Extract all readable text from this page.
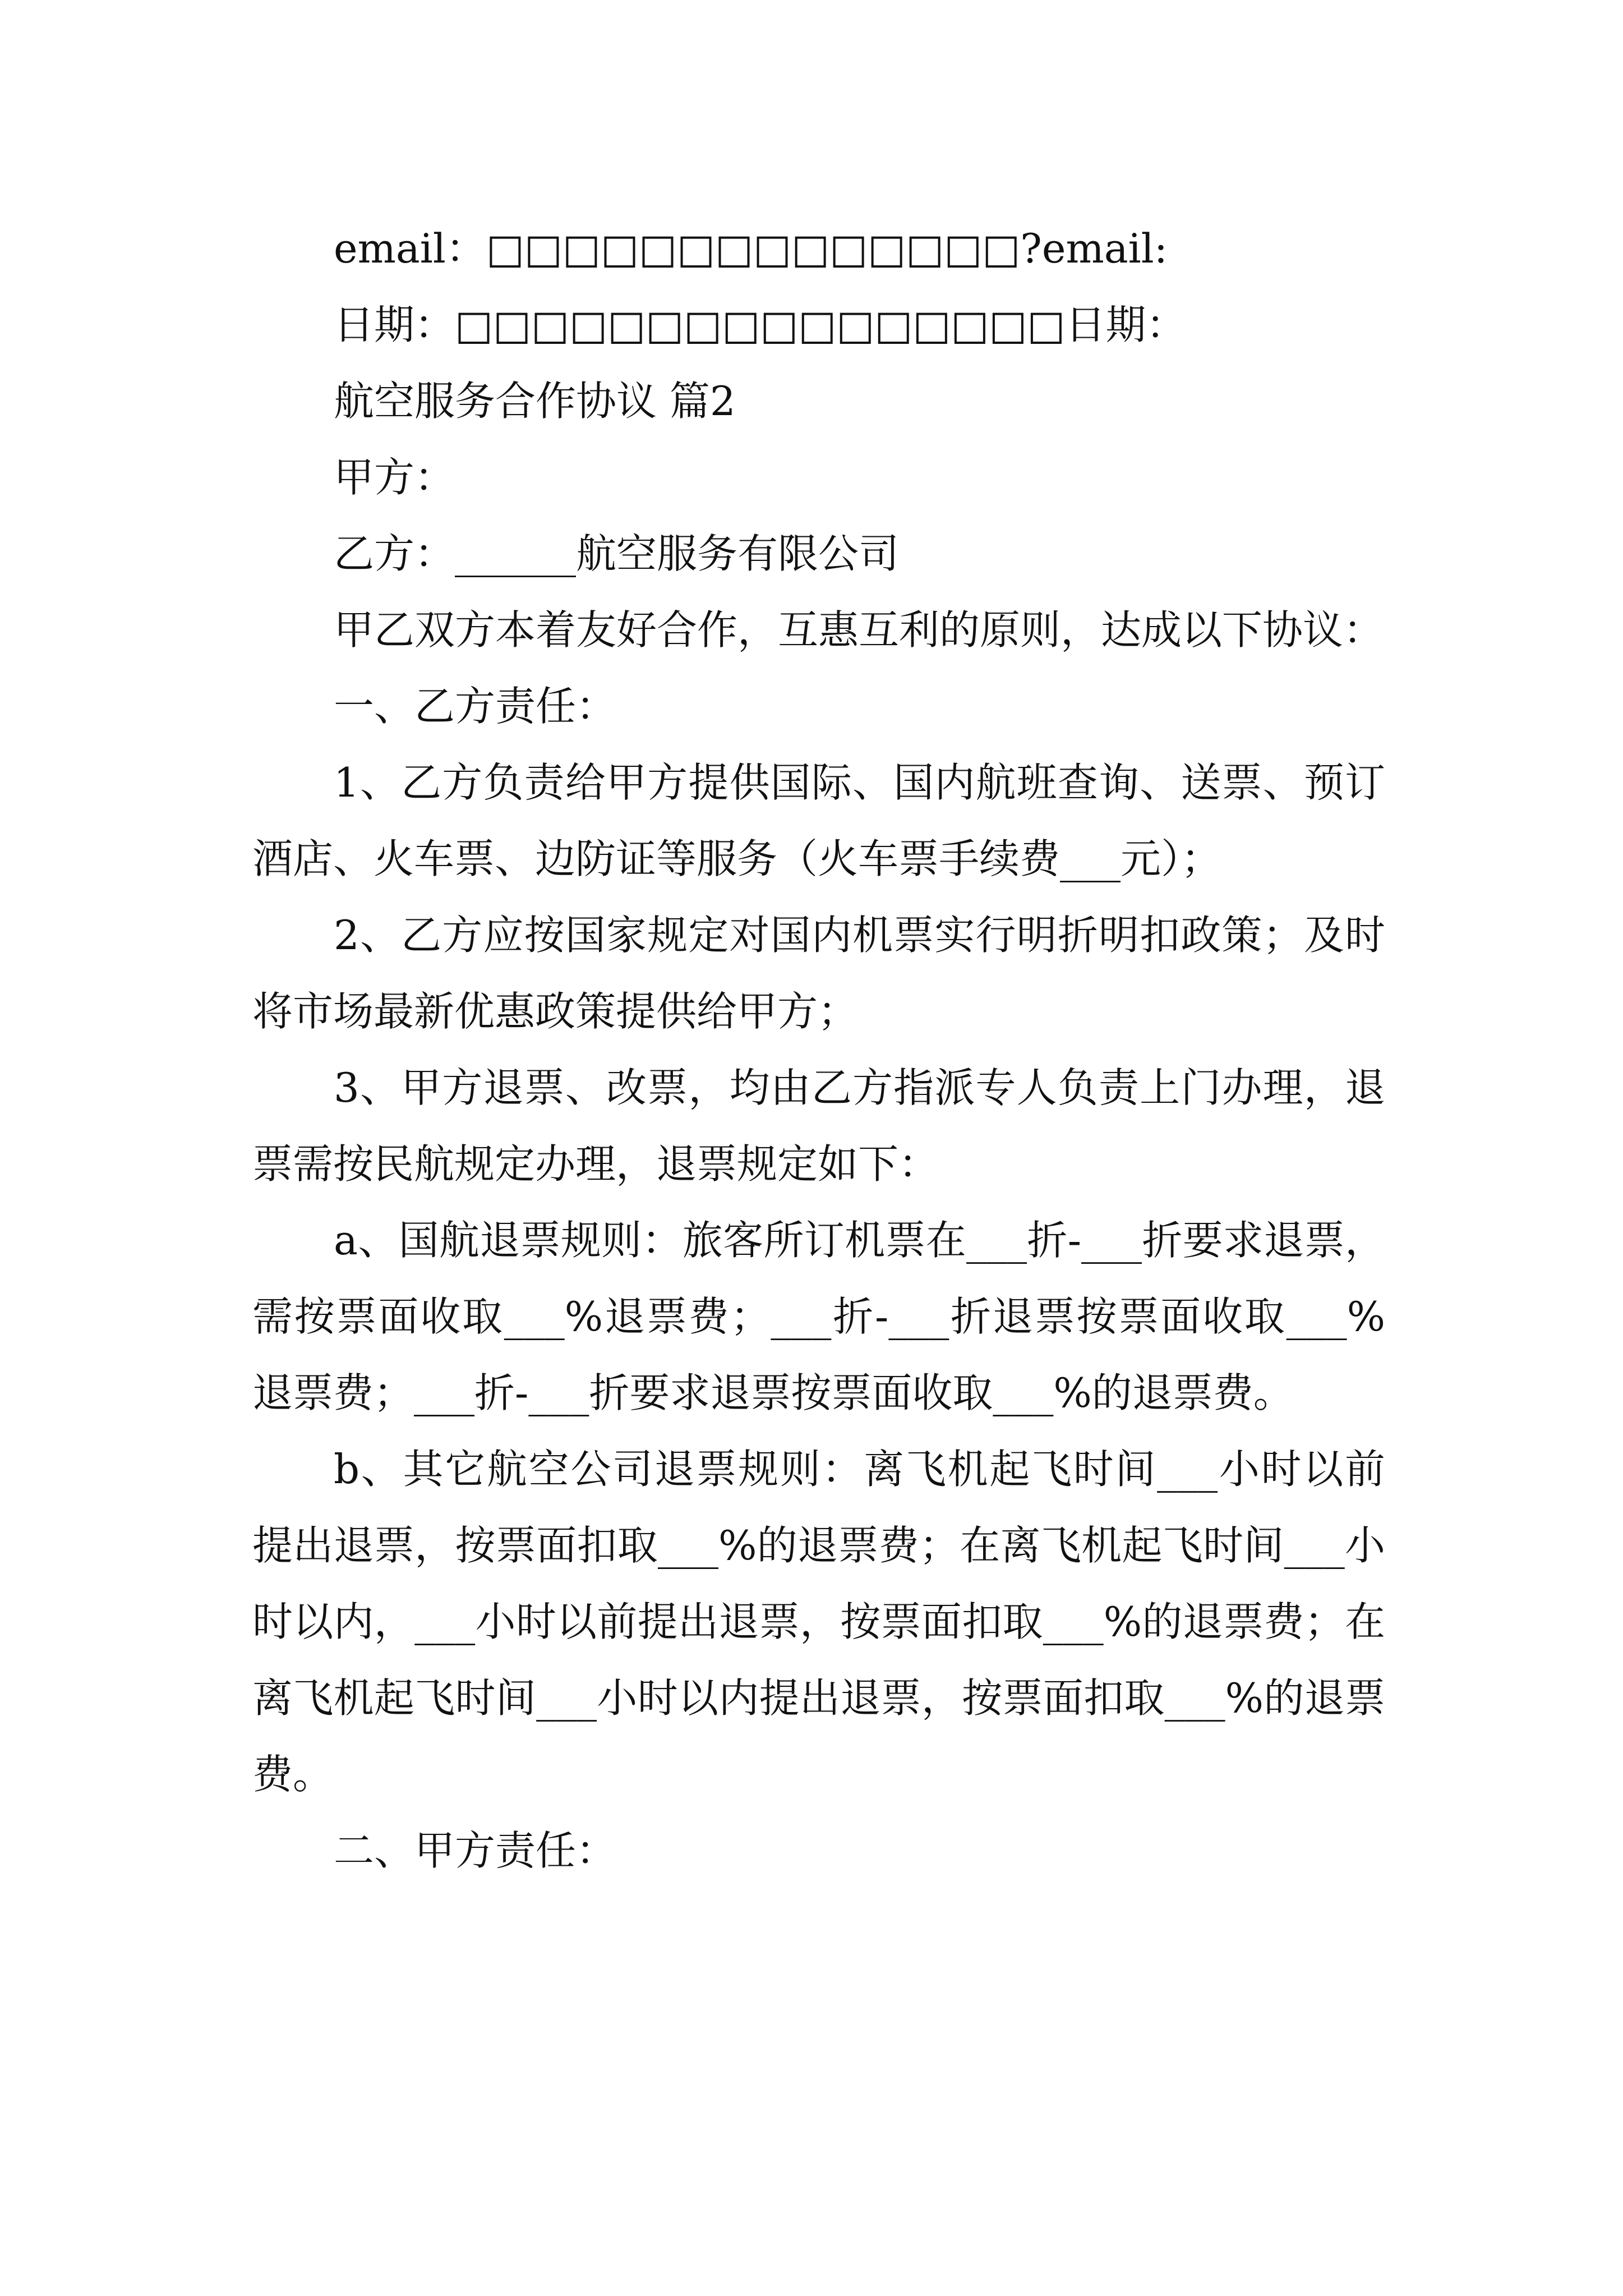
email：□□□□□□□□□□□□□□?email:

日期：□□□□□□□□□□□□□□□□日期：

航空服务合作协议 篇2

甲方：

乙方：______航空服务有限公司

甲乙双方本着友好合作，互惠互利的原则，达成以下协议：

一、乙方责任：

1、乙方负责给甲方提供国际、国内航班查询、送票、预订酒店、火车票、边防证等服务（火车票手续费___元）；

2、乙方应按国家规定对国内机票实行明折明扣政策；及时将市场最新优惠政策提供给甲方；

3、甲方退票、改票，均由乙方指派专人负责上门办理，退票需按民航规定办理，退票规定如下：

a、国航退票规则：旅客所订机票在___折-___折要求退票，需按票面收取___%退票费；___折-___折退票按票面收取___%退票费；___折-___折要求退票按票面收取___%的退票费。

b、其它航空公司退票规则：离飞机起飞时间___小时以前提出退票，按票面扣取___%的退票费；在离飞机起飞时间___小时以内，___小时以前提出退票，按票面扣取___%的退票费；在离飞机起飞时间___小时以内提出退票，按票面扣取___%的退票费。

二、甲方责任：
